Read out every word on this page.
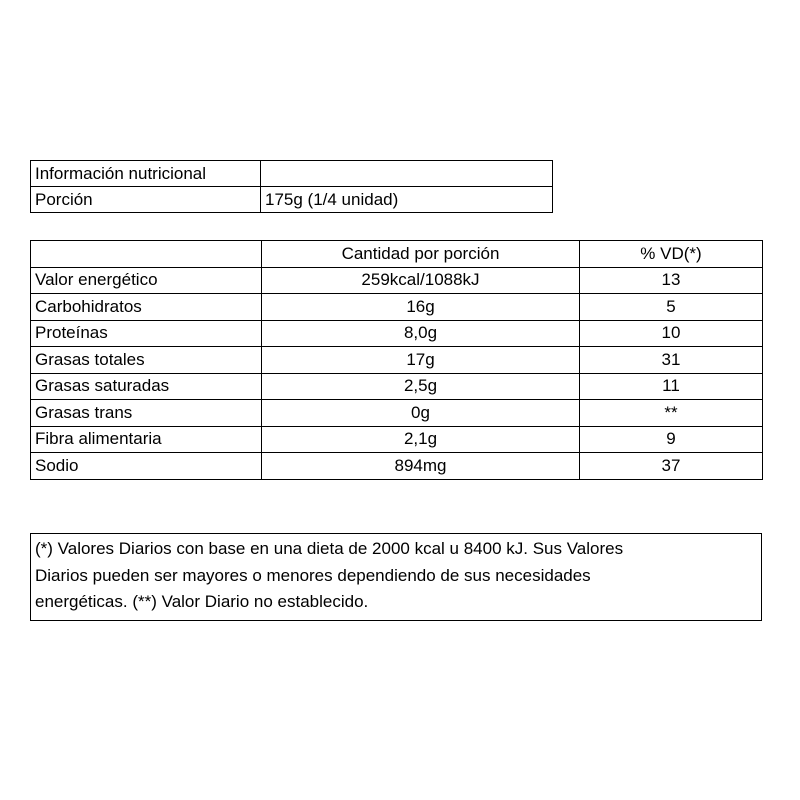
Información nutricional	
Porción	175g (1/4 unidad)
	Cantidad por porción	% VD(*)
Valor energético	259kcal/1088kJ	13
Carbohidratos	16g	5
Proteínas	8,0g	10
Grasas totales	17g	31
Grasas saturadas	2,5g	11
Grasas trans	0g	**
Fibra alimentaria	2,1g	9
Sodio	894mg	37
(*) Valores Diarios con base en una dieta de 2000 kcal u 8400 kJ. Sus Valores
Diarios pueden ser mayores o menores dependiendo de sus necesidades
energéticas. (**) Valor Diario no establecido.
